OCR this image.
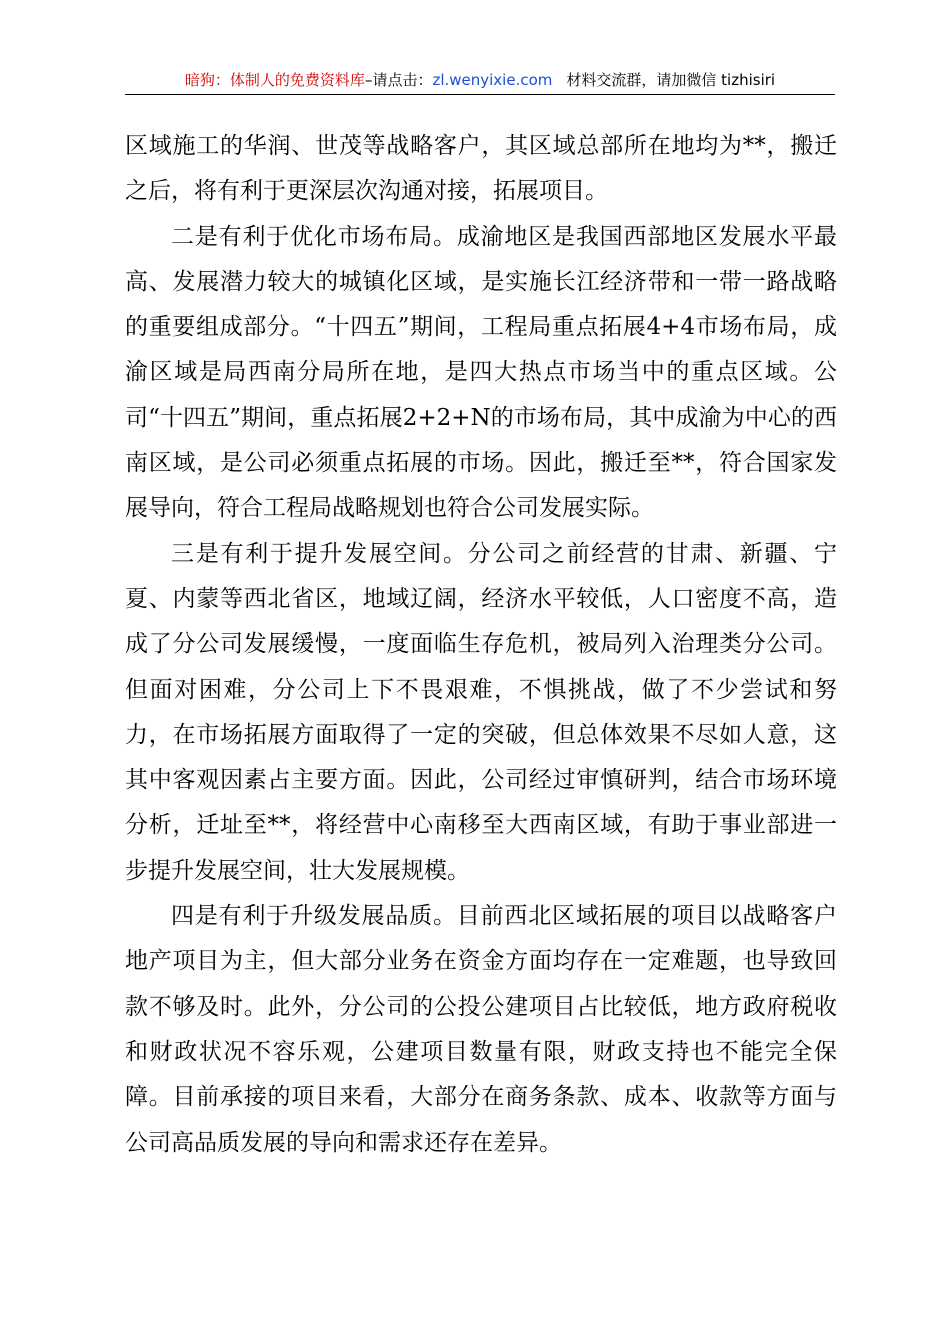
暗狗：体制人的免费资料库–请点击：zl.wenyixie.com 材料交流群，请加微信 tizhisiri

区域施工的华润、世茂等战略客户，其区域总部所在地均为**，搬迁之后，将有利于更深层次沟通对接，拓展项目。

二是有利于优化市场布局。成渝地区是我国西部地区发展水平最高、发展潜力较大的城镇化区域，是实施长江经济带和一带一路战略的重要组成部分。“十四五”期间，工程局重点拓展4+4市场布局，成渝区域是局西南分局所在地，是四大热点市场当中的重点区域。公司“十四五”期间，重点拓展2+2+N的市场布局，其中成渝为中心的西南区域，是公司必须重点拓展的市场。因此，搬迁至**，符合国家发展导向，符合工程局战略规划也符合公司发展实际。

三是有利于提升发展空间。分公司之前经营的甘肃、新疆、宁夏、内蒙等西北省区，地域辽阔，经济水平较低，人口密度不高，造成了分公司发展缓慢，一度面临生存危机，被局列入治理类分公司。但面对困难，分公司上下不畏艰难，不惧挑战，做了不少尝试和努力，在市场拓展方面取得了一定的突破，但总体效果不尽如人意，这其中客观因素占主要方面。因此，公司经过审慎研判，结合市场环境分析，迁址至**，将经营中心南移至大西南区域，有助于事业部进一步提升发展空间，壮大发展规模。

四是有利于升级发展品质。目前西北区域拓展的项目以战略客户地产项目为主，但大部分业务在资金方面均存在一定难题，也导致回款不够及时。此外，分公司的公投公建项目占比较低，地方政府税收和财政状况不容乐观，公建项目数量有限，财政支持也不能完全保障。目前承接的项目来看，大部分在商务条款、成本、收款等方面与公司高品质发展的导向和需求还存在差异。
